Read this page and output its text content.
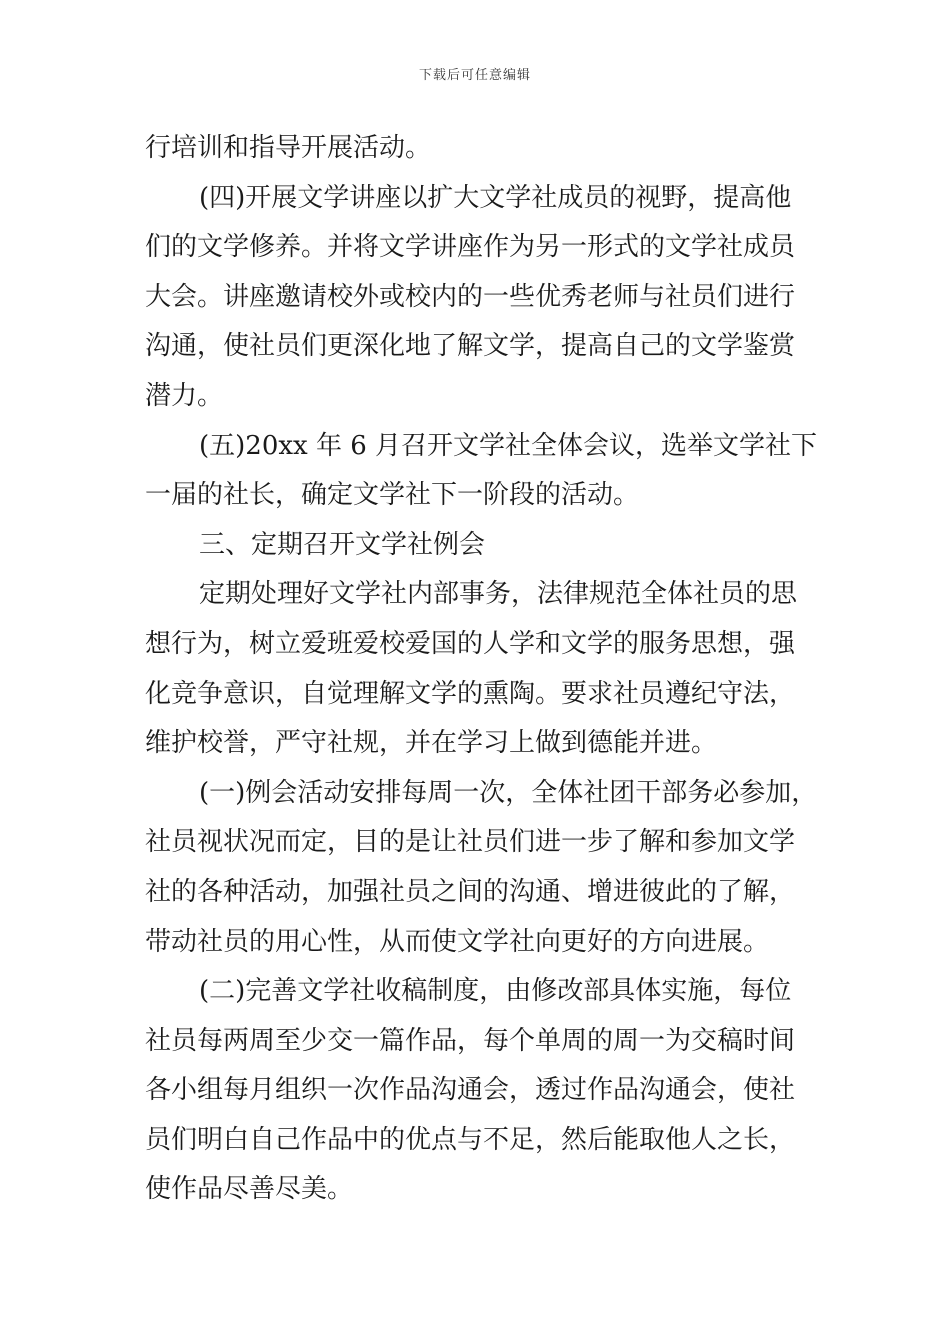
下载后可任意编辑
行培训和指导开展活动。
(四)开展文学讲座以扩大文学社成员的视野，提高他
们的文学修养。并将文学讲座作为另一形式的文学社成员
大会。讲座邀请校外或校内的一些优秀老师与社员们进行
沟通，使社员们更深化地了解文学，提高自己的文学鉴赏
潜力。
(五)20xx 年 6 月召开文学社全体会议，选举文学社下
一届的社长，确定文学社下一阶段的活动。
三、定期召开文学社例会
定期处理好文学社内部事务，法律规范全体社员的思
想行为，树立爱班爱校爱国的人学和文学的服务思想，强
化竞争意识，自觉理解文学的熏陶。要求社员遵纪守法，
维护校誉，严守社规，并在学习上做到德能并进。
(一)例会活动安排每周一次，全体社团干部务必参加，
社员视状况而定，目的是让社员们进一步了解和参加文学
社的各种活动，加强社员之间的沟通、增进彼此的了解，
带动社员的用心性，从而使文学社向更好的方向进展。
(二)完善文学社收稿制度，由修改部具体实施，每位
社员每两周至少交一篇作品，每个单周的周一为交稿时间
各小组每月组织一次作品沟通会，透过作品沟通会，使社
员们明白自己作品中的优点与不足，然后能取他人之长，
使作品尽善尽美。
